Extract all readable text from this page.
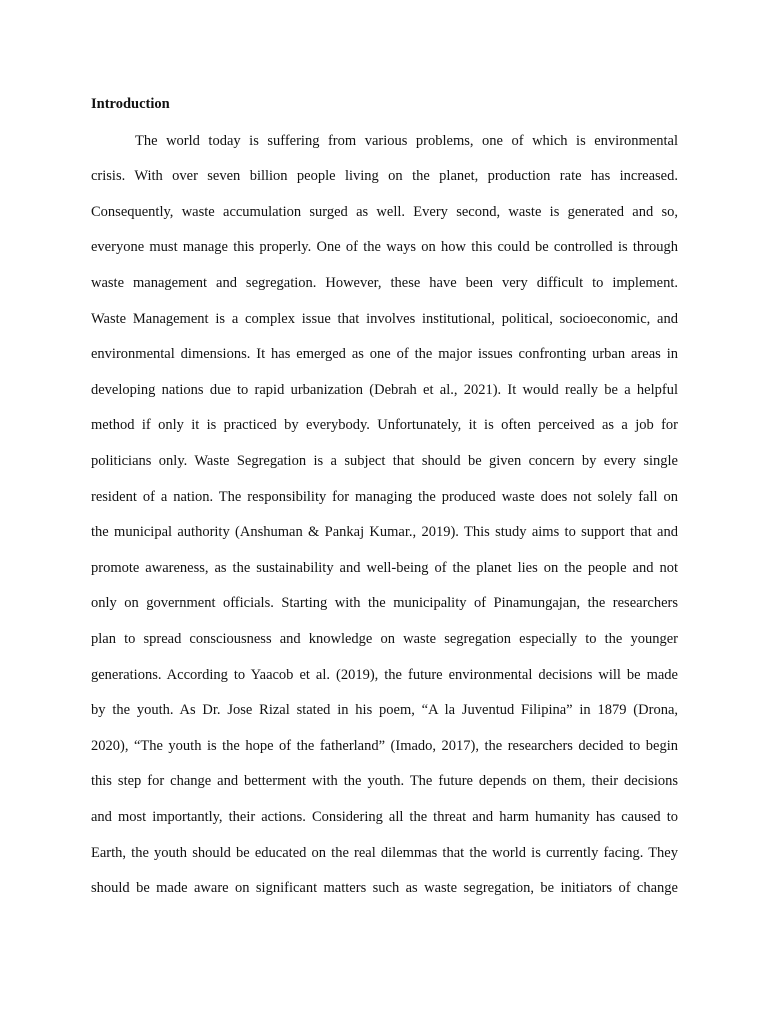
Introduction
The world today is suffering from various problems, one of which is environmental
crisis. With over seven billion people living on the planet, production rate has increased.
Consequently, waste accumulation surged as well. Every second, waste is generated and so,
everyone must manage this properly. One of the ways on how this could be controlled is through
waste management and segregation. However, these have been very difficult to implement.
Waste Management is a complex issue that involves institutional, political, socioeconomic, and
environmental dimensions. It has emerged as one of the major issues confronting urban areas in
developing nations due to rapid urbanization (Debrah et al., 2021). It would really be a helpful
method if only it is practiced by everybody. Unfortunately, it is often perceived as a job for
politicians only. Waste Segregation is a subject that should be given concern by every single
resident of a nation. The responsibility for managing the produced waste does not solely fall on
the municipal authority (Anshuman & Pankaj Kumar., 2019). This study aims to support that and
promote awareness, as the sustainability and well-being of the planet lies on the people and not
only on government officials. Starting with the municipality of Pinamungajan, the researchers
plan to spread consciousness and knowledge on waste segregation especially to the younger
generations. According to Yaacob et al. (2019), the future environmental decisions will be made
by the youth. As Dr. Jose Rizal stated in his poem, “A la Juventud Filipina” in 1879 (Drona,
2020), “The youth is the hope of the fatherland” (Imado, 2017), the researchers decided to begin
this step for change and betterment with the youth. The future depends on them, their decisions
and most importantly, their actions. Considering all the threat and harm humanity has caused to
Earth, the youth should be educated on the real dilemmas that the world is currently facing. They
should be made aware on significant matters such as waste segregation, be initiators of change
